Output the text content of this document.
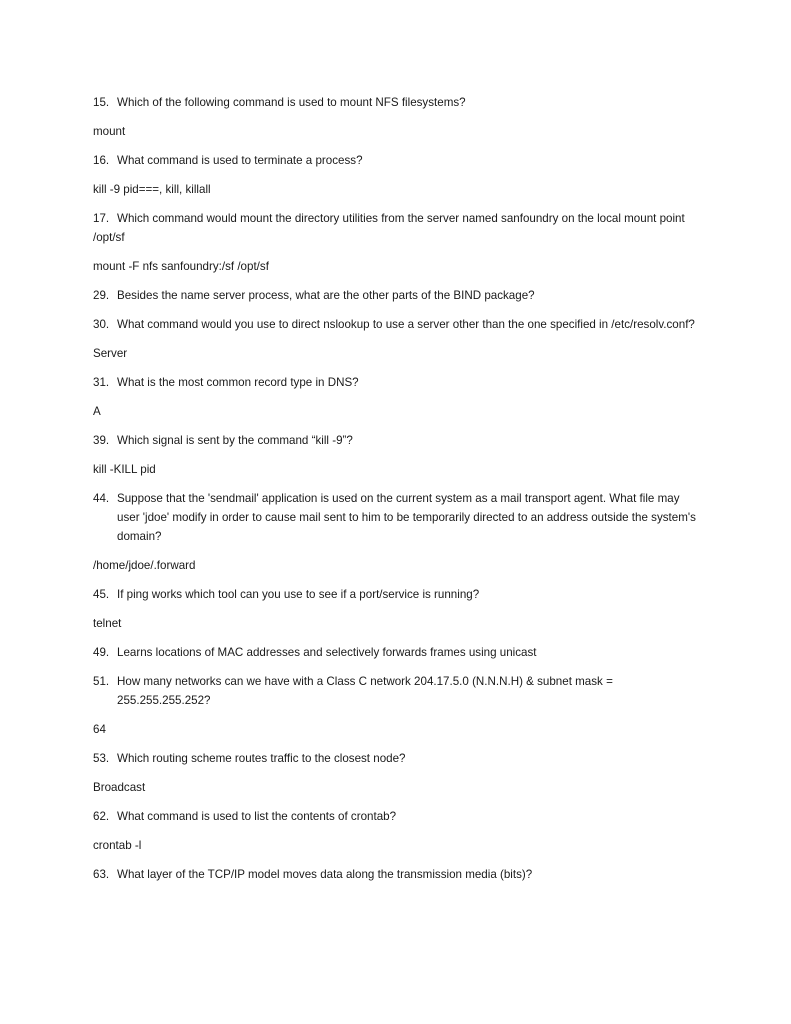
15. Which of the following command is used to mount NFS filesystems?
mount
16. What command is used to terminate a process?
kill -9 pid===, kill, killall
17. Which command would mount the directory utilities from the server named sanfoundry on the local mount point /opt/sf
mount -F nfs sanfoundry:/sf /opt/sf
29. Besides the name server process, what are the other parts of the BIND package?
30. What command would you use to direct nslookup to use a server other than the one specified in /etc/resolv.conf?
Server
31. What is the most common record type in DNS?
A
39. Which signal is sent by the command “kill -9”?
kill -KILL pid
44. Suppose that the 'sendmail' application is used on the current system as a mail transport agent. What file may user 'jdoe' modify in order to cause mail sent to him to be temporarily directed to an address outside the system's domain?
/home/jdoe/.forward
45. If ping works which tool can you use to see if a port/service is running?
telnet
49. Learns locations of MAC addresses and selectively forwards frames using unicast
51. How many networks can we have with a Class C network 204.17.5.0 (N.N.N.H) & subnet mask = 255.255.255.252?
64
53. Which routing scheme routes traffic to the closest node?
Broadcast
62. What command is used to list the contents of crontab?
crontab -l
63. What layer of the TCP/IP model moves data along the transmission media (bits)?
